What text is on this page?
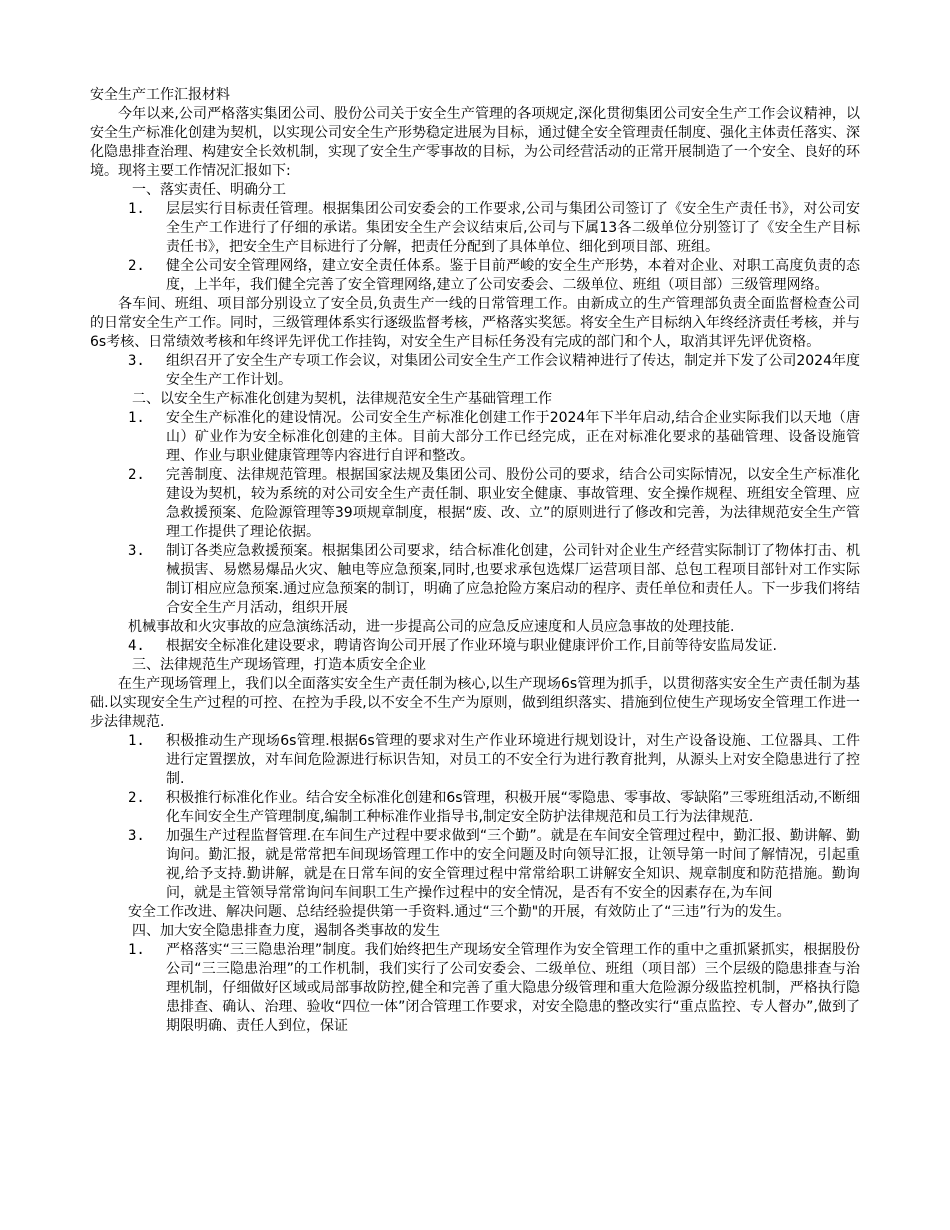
安全生产工作汇报材料

今年以来,公司严格落实集团公司、股份公司关于安全生产管理的各项规定,深化贯彻集团公司安全生产工作会议精神，以安全生产标准化创建为契机，以实现公司安全生产形势稳定进展为目标，通过健全安全管理责任制度、强化主体责任落实、深化隐患排查治理、构建安全长效机制，实现了安全生产零事故的目标，为公司经营活动的正常开展制造了一个安全、良好的环境。现将主要工作情况汇报如下:

一、落实责任、明确分工

1.	层层实行目标责任管理。根据集团公司安委会的工作要求,公司与集团公司签订了《安全生产责任书》，对公司安全生产工作进行了仔细的承诺。集团安全生产会议结束后,公司与下属13各二级单位分别签订了《安全生产目标责任书》，把安全生产目标进行了分解，把责任分配到了具体单位、细化到项目部、班组。
2.	健全公司安全管理网络，建立安全责任体系。鉴于目前严峻的安全生产形势，本着对企业、对职工高度负责的态度，上半年，我们健全完善了安全管理网络,建立了公司安委会、二级单位、班组（项目部）三级管理网络。

各车间、班组、项目部分别设立了安全员,负责生产一线的日常管理工作。由新成立的生产管理部负责全面监督检查公司的日常安全生产工作。同时，三级管理体系实行逐级监督考核，严格落实奖惩。将安全生产目标纳入年终经济责任考核，并与6s考核、日常绩效考核和年终评先评优工作挂钩，对安全生产目标任务没有完成的部门和个人，取消其评先评优资格。

3.	组织召开了安全生产专项工作会议，对集团公司安全生产工作会议精神进行了传达，制定并下发了公司2024年度安全生产工作计划。

二、以安全生产标准化创建为契机，法律规范安全生产基础管理工作

1.	安全生产标准化的建设情况。公司安全生产标准化创建工作于2024年下半年启动,结合企业实际我们以天地（唐山）矿业作为安全标准化创建的主体。目前大部分工作已经完成，正在对标准化要求的基础管理、设备设施管理、作业与职业健康管理等内容进行自评和整改。
2.	完善制度、法律规范管理。根据国家法规及集团公司、股份公司的要求，结合公司实际情况，以安全生产标准化建设为契机，较为系统的对公司安全生产责任制、职业安全健康、事故管理、安全操作规程、班组安全管理、应急救援预案、危险源管理等39项规章制度，根据“废、改、立”的原则进行了修改和完善，为法律规范安全生产管理工作提供了理论依据。
3.	制订各类应急救援预案。根据集团公司要求，结合标准化创建，公司针对企业生产经营实际制订了物体打击、机械损害、易燃易爆品火灾、触电等应急预案,同时,也要求承包选煤厂运营项目部、总包工程项目部针对工作实际制订相应应急预案.通过应急预案的制订，明确了应急抢险方案启动的程序、责任单位和责任人。下一步我们将结合安全生产月活动，组织开展

机械事故和火灾事故的应急演练活动，进一步提高公司的应急反应速度和人员应急事故的处理技能.

4.	根据安全标准化建设要求，聘请咨询公司开展了作业环境与职业健康评价工作,目前等待安监局发证.

三、法律规范生产现场管理，打造本质安全企业

在生产现场管理上，我们以全面落实安全生产责任制为核心,以生产现场6s管理为抓手，以贯彻落实安全生产责任制为基础.以实现安全生产过程的可控、在控为手段,以不安全不生产为原则，做到组织落实、措施到位使生产现场安全管理工作进一步法律规范.

1.	积极推动生产现场6s管理.根据6s管理的要求对生产作业环境进行规划设计，对生产设备设施、工位器具、工件进行定置摆放，对车间危险源进行标识告知，对员工的不安全行为进行教育批判，从源头上对安全隐患进行了控制.
2.	积极推行标准化作业。结合安全标准化创建和6s管理，积极开展“零隐患、零事故、零缺陷”三零班组活动,不断细化车间安全生产管理制度,编制工种标准作业指导书,制定安全防护法律规范和员工行为法律规范.
3.	加强生产过程监督管理.在车间生产过程中要求做到“三个勤”。就是在车间安全管理过程中，勤汇报、勤讲解、勤询问。勤汇报，就是常常把车间现场管理工作中的安全问题及时向领导汇报，让领导第一时间了解情况，引起重视,给予支持.勤讲解，就是在日常车间的安全管理过程中常常给职工讲解安全知识、规章制度和防范措施。勤询问，就是主管领导常常询问车间职工生产操作过程中的安全情况，是否有不安全的因素存在,为车间

安全工作改进、解决问题、总结经验提供第一手资料.通过“三个勤"的开展，有效防止了“三违”行为的发生。

四、加大安全隐患排查力度，遏制各类事故的发生

1.	严格落实“三三隐患治理”制度。我们始终把生产现场安全管理作为安全管理工作的重中之重抓紧抓实，根据股份公司“三三隐患治理”的工作机制，我们实行了公司安委会、二级单位、班组（项目部）三个层级的隐患排查与治理机制，仔细做好区域或局部事故防控,健全和完善了重大隐患分级管理和重大危险源分级监控机制，严格执行隐患排查、确认、治理、验收“四位一体”闭合管理工作要求，对安全隐患的整改实行“重点监控、专人督办”,做到了期限明确、责任人到位，保证
